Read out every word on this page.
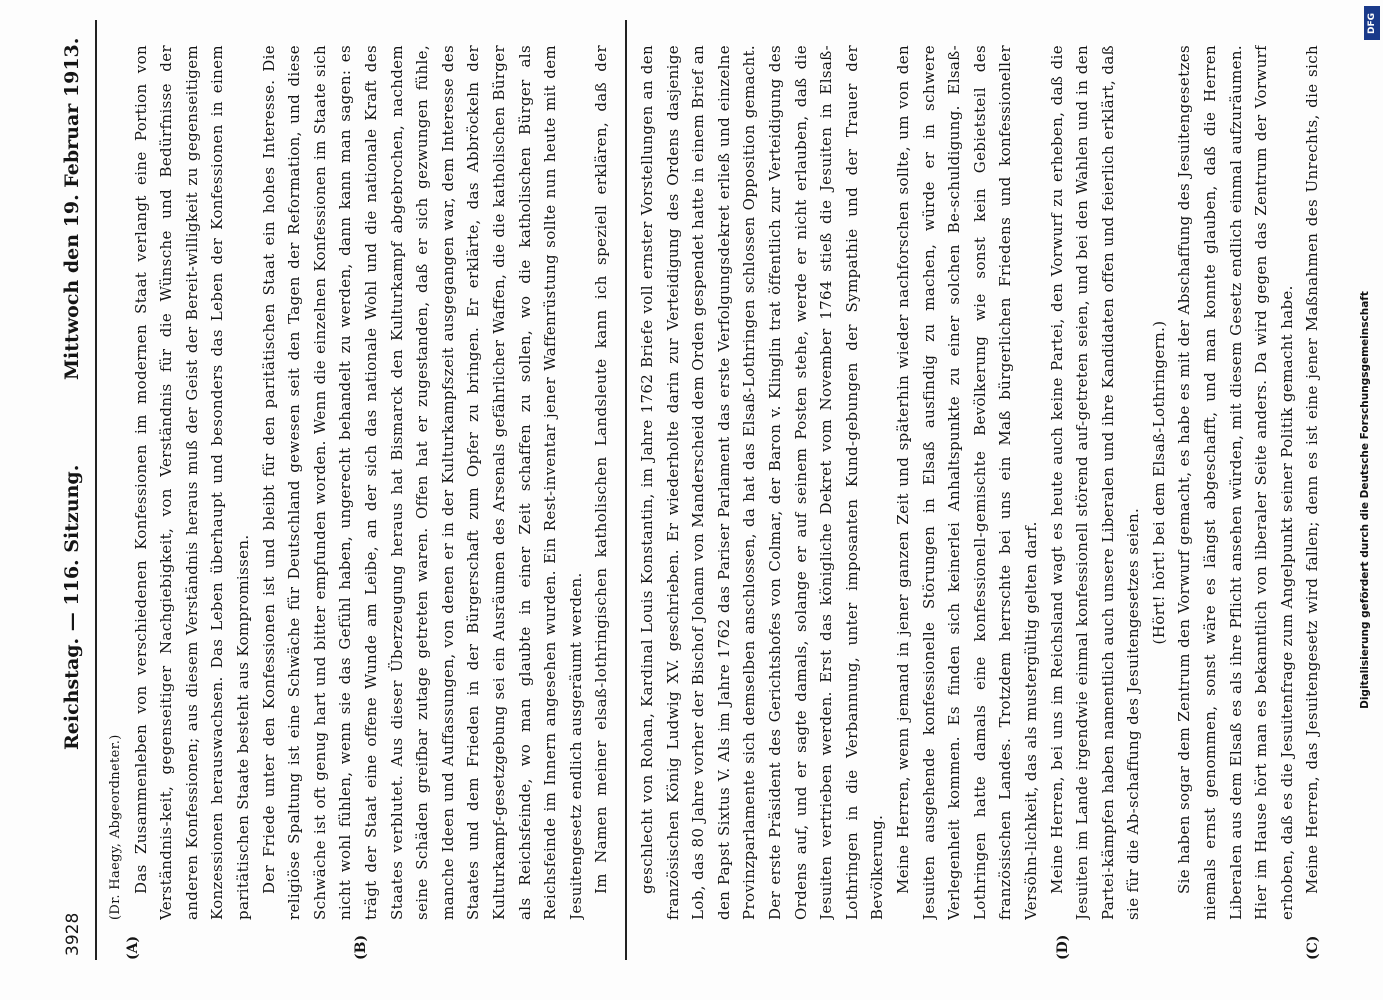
3928
Reichstag. — 116. Sitzung.
Mittwoch den 19. Februar 1913.
(A)	(B)	(D)	(C)

(Dr. Haegy, Abgeordneter.) Das Zusammenleben von verschiedenen Konfessionen im modernen Staat verlangt eine Portion von Verständnis-keit, gegenseitiger Nachgiebigkeit, von Verständnis für die Wünsche und Bedürfnisse der anderen Konfessionen; aus diesem Verständnis heraus muß der Geist der Bereit-willigkeit zu gegenseitigem Konzessionen herauswachsen. Das Leben überhaupt und besonders das Leben der Konfessionen in einem paritätischen Staate besteht aus Kompromissen. Der Friede unter den Konfessionen ist und bleibt für den paritätischen Staat ein hohes Interesse. Die religiöse Spaltung ist eine Schwäche für Deutschland gewesen seit den Tagen der Reformation, und diese Schwäche ist oft genug hart und bitter empfunden worden. Wenn die einzelnen Konfessionen im Staate sich nicht wohl fühlen, wenn sie das Gefühl haben, ungerecht behandelt zu werden, dann kann man sagen: es trägt der Staat eine offene Wunde am Leibe, an der sich das nationale Wohl und die nationale Kraft des Staates verblutet. Aus dieser Überzeugung heraus hat Bismarck den Kulturkampf abgebrochen, nachdem seine Schäden greifbar zutage getreten waren. Offen hat er zugestanden, daß er sich gezwungen fühle, manche Ideen und Auffassungen, von denen er in der Kulturkampfszeit ausgegangen war, dem Interesse des Staates und dem Frieden in der Bürgerschaft zum Opfer zu bringen. Er erklärte, das Abbröckeln der Kulturkampf-gesetzgebung sei ein Ausräumen des Arsenals gefährlicher Waffen, die die katholischen Bürger als Reichsfeinde, wo man glaubte in einer Zeit schaffen zu sollen, wo die katholischen Bürger als Reichsfeinde im Innern angesehen wurden. Ein Rest-inventar jener Waffenrüstung sollte nun heute mit dem Jesuitengesetz endlich ausgeräumt werden. Im Namen meiner elsaß-lothringischen katholischen Landsleute kann ich speziell erklären, daß der	geschlecht von Rohan, Kardinal Louis Konstantin, im Jahre 1762 Briefe voll ernster Vorstellungen an den französischen König Ludwig XV. geschrieben. Er wiederholte darin zur Verteidigung des Ordens dasjenige Lob, das 80 Jahre vorher der Bischof Johann von Manderscheid dem Orden gespendet hatte in einem Brief an den Papst Sixtus V. Als im Jahre 1762 das Pariser Parlament das erste Verfolgungsdekret erließ und einzelne Provinzparlamente sich demselben anschlossen, da hat das Elsaß-Lothringen schlossen Opposition gemacht. Der erste Präsident des Gerichtshofes von Colmar, der Baron v. Klinglin trat öffentlich zur Verteidigung des Ordens auf, und er sagte damals, solange er auf seinem Posten stehe, werde er nicht erlauben, daß die Jesuiten vertrieben werden. Erst das königliche Dekret vom November 1764 stieß die Jesuiten in Elsaß-Lothringen in die Verbannung, unter imposanten Kund-gebungen der Sympathie und der Trauer der Bevölkerung. Meine Herren, wenn jemand in jener ganzen Zeit und späterhin wieder nachforschen sollte, um von den Jesuiten ausgehende konfessionelle Störungen in Elsaß ausfindig zu machen, würde er in schwere Verlegenheit kommen. Es finden sich keinerlei Anhaltspunkte zu einer solchen Be-schuldigung. Elsaß-Lothringen hatte damals eine konfessionell-gemischte Bevölkerung wie sonst kein Gebietsteil des französischen Landes. Trotzdem herrschte bei uns ein Maß bürgerlichen Friedens und konfessioneller Versöhn-lichkeit, das als mustergültig gelten darf. Meine Herren, bei uns im Reichsland wagt es heute auch keine Partei, den Vorwurf zu erheben, daß die Jesuiten im Lande irgendwie einmal konfessionell störend auf-getreten seien, und bei den Wahlen und in den Partei-kämpfen haben namentlich auch unsere Liberalen und ihre Kandidaten offen und feierlich erklärt, daß sie für die Ab-schaffung des Jesuitengesetzes seien.

(Hört! hört! bei dem Elsaß-Lothringern.) Sie haben sogar dem Zentrum den Vorwurf gemacht, es habe es mit der Abschaffung des Jesuitengesetzes niemals ernst genommen, sonst wäre es längst abgeschafft, und man konnte glauben, daß die Herren Liberalen aus dem Elsaß es als ihre Pflicht ansehen würden, mit diesem Gesetz endlich einmal aufzuräumen. Hier im Hause hört man es bekanntlich von liberaler Seite anders. Da wird gegen das Zentrum der Vorwurf erhoben, daß es die Jesuitenfrage zum Angelpunkt seiner Politik gemacht habe. Meine Herren, das Jesuitengesetz wird fallen; denn es ist eine jener Maßnahmen des Unrechts, die sich

DFG
Digitalisierung gefördert durch die Deutsche Forschungsgemeinschaft
